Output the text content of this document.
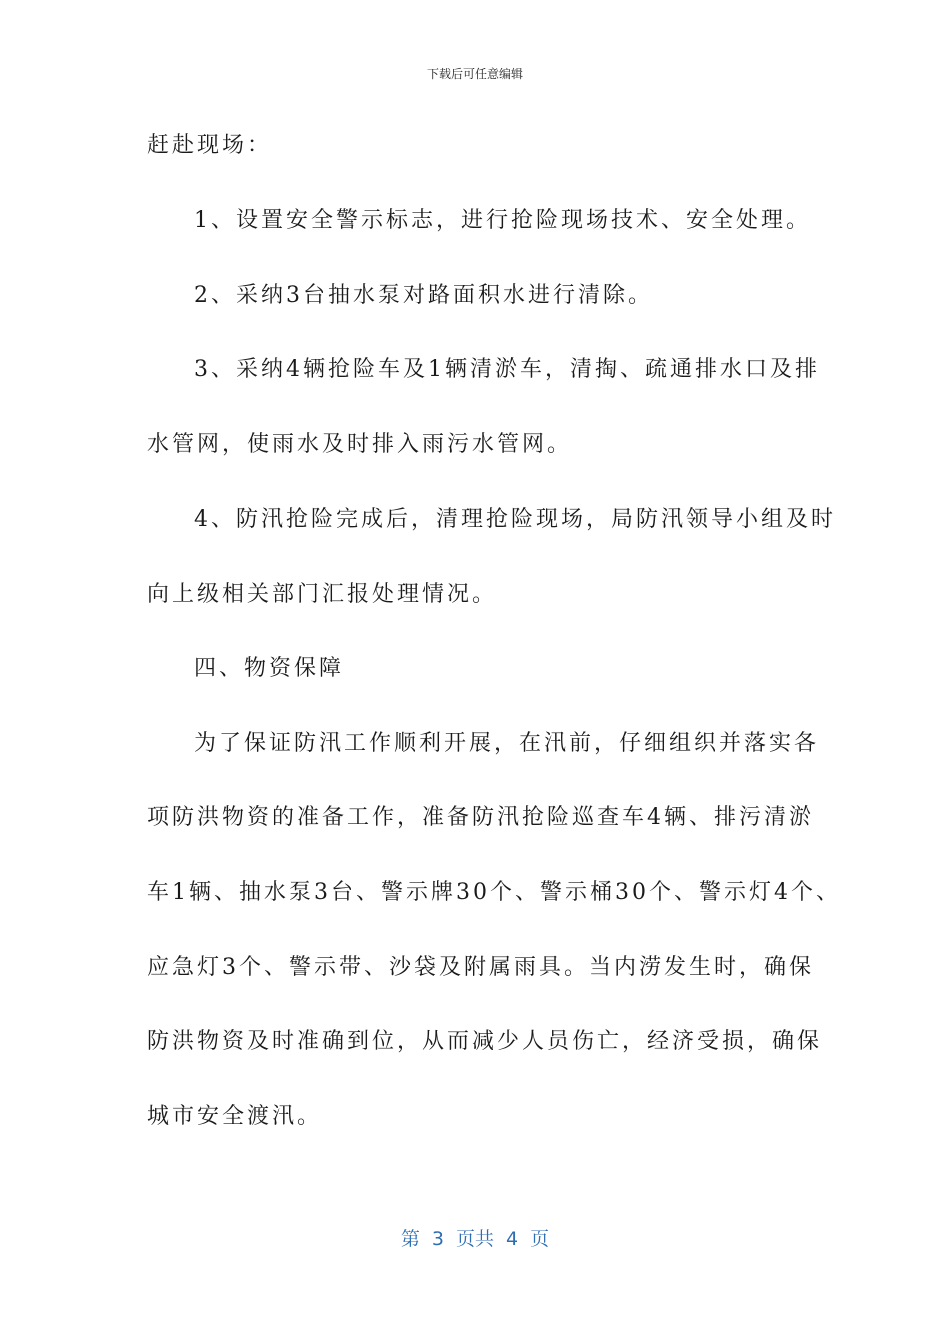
下载后可任意编辑
赶赴现场：
1、设置安全警示标志，进行抢险现场技术、安全处理。
2、采纳3台抽水泵对路面积水进行清除。
3、采纳4辆抢险车及1辆清淤车，清掏、疏通排水口及排
水管网，使雨水及时排入雨污水管网。
4、防汛抢险完成后，清理抢险现场，局防汛领导小组及时
向上级相关部门汇报处理情况。
四、物资保障
为了保证防汛工作顺利开展，在汛前，仔细组织并落实各
项防洪物资的准备工作，准备防汛抢险巡查车4辆、排污清淤
车1辆、抽水泵3台、警示牌30个、警示桶30个、警示灯4个、
应急灯3个、警示带、沙袋及附属雨具。当内涝发生时，确保
防洪物资及时准确到位，从而减少人员伤亡，经济受损，确保
城市安全渡汛。
第 3 页共 4 页
